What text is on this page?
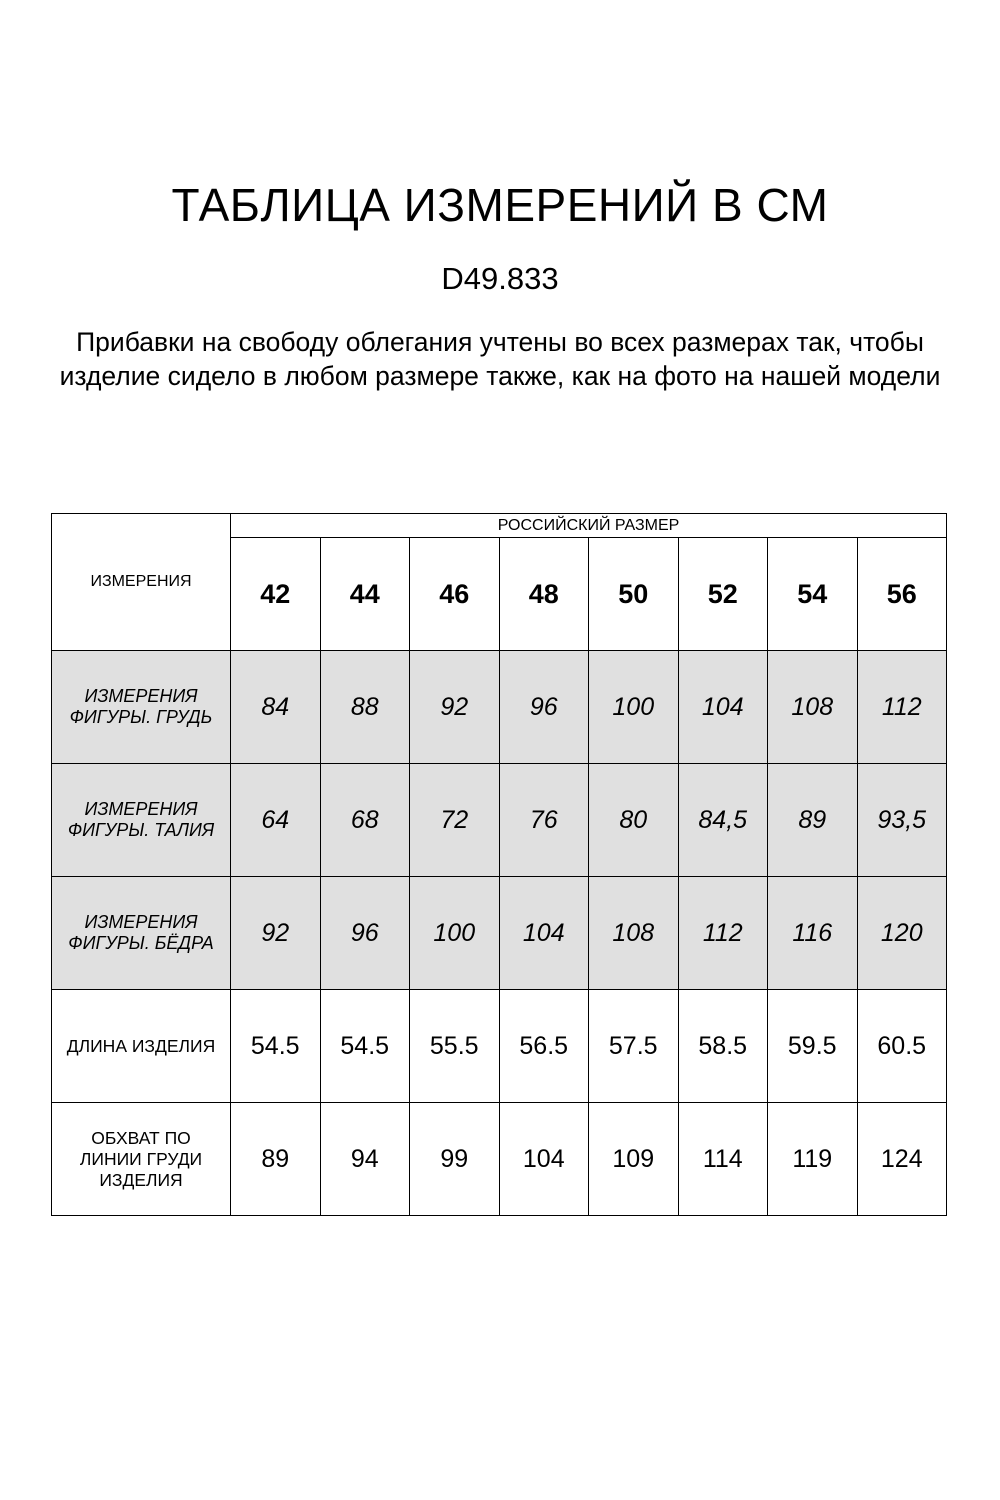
ТАБЛИЦА ИЗМЕРЕНИЙ В СМ
D49.833
Прибавки на свободу облегания учтены во всех размерах так, чтобы изделие сидело в любом размере также, как на фото на нашей модели
ИЗМЕРЕНИЯ	РОССИЙСКИЙ РАЗМЕР							
	42	44	46	48	50	52	54	56
ИЗМЕРЕНИЯ
ФИГУРЫ. ГРУДЬ	84	88	92	96	100	104	108	112
ИЗМЕРЕНИЯ
ФИГУРЫ. ТАЛИЯ	64	68	72	76	80	84,5	89	93,5
ИЗМЕРЕНИЯ
ФИГУРЫ. БЁДРА	92	96	100	104	108	112	116	120
ДЛИНА ИЗДЕЛИЯ	54.5	54.5	55.5	56.5	57.5	58.5	59.5	60.5
ОБХВАТ ПО
ЛИНИИ ГРУДИ
ИЗДЕЛИЯ	89	94	99	104	109	114	119	124
